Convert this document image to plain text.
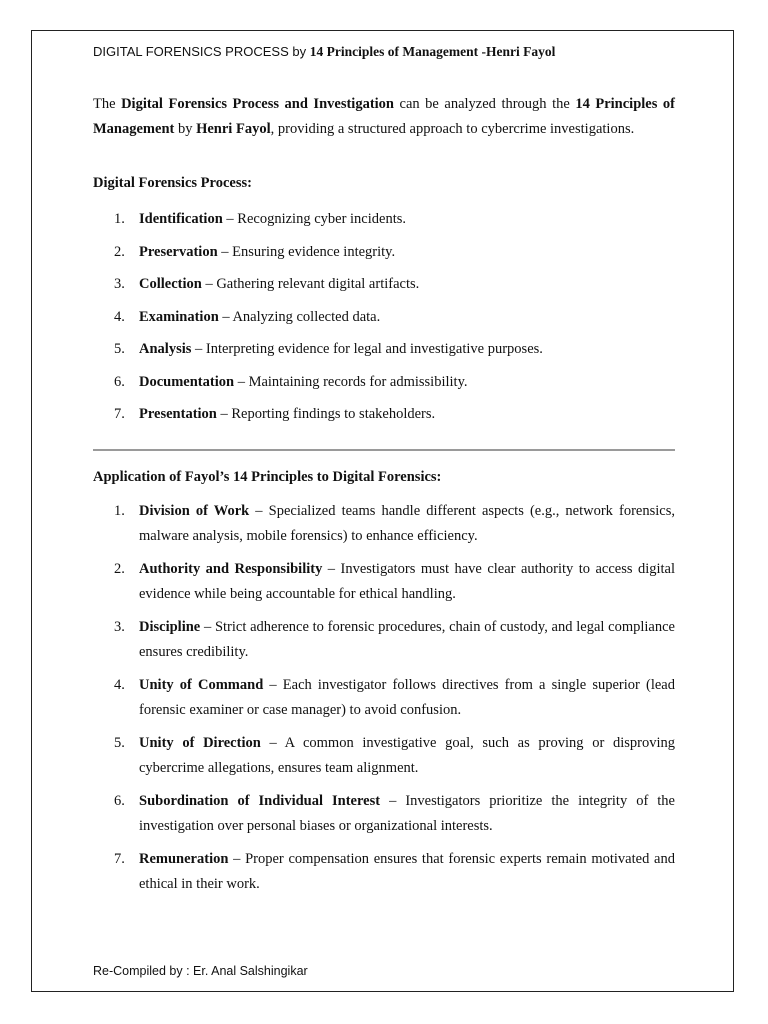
DIGITAL FORENSICS PROCESS by 14 Principles of Management -Henri Fayol

The Digital Forensics Process and Investigation can be analyzed through the 14 Principles of Management by Henri Fayol, providing a structured approach to cybercrime investigations.

Digital Forensics Process:
1. Identification – Recognizing cyber incidents.
2. Preservation – Ensuring evidence integrity.
3. Collection – Gathering relevant digital artifacts.
4. Examination – Analyzing collected data.
5. Analysis – Interpreting evidence for legal and investigative purposes.
6. Documentation – Maintaining records for admissibility.
7. Presentation – Reporting findings to stakeholders.
Application of Fayol’s 14 Principles to Digital Forensics:
1. Division of Work – Specialized teams handle different aspects (e.g., network forensics, malware analysis, mobile forensics) to enhance efficiency.
2. Authority and Responsibility – Investigators must have clear authority to access digital evidence while being accountable for ethical handling.
3. Discipline – Strict adherence to forensic procedures, chain of custody, and legal compliance ensures credibility.
4. Unity of Command – Each investigator follows directives from a single superior (lead forensic examiner or case manager) to avoid confusion.
5. Unity of Direction – A common investigative goal, such as proving or disproving cybercrime allegations, ensures team alignment.
6. Subordination of Individual Interest – Investigators prioritize the integrity of the investigation over personal biases or organizational interests.
7. Remuneration – Proper compensation ensures that forensic experts remain motivated and ethical in their work.
Re-Compiled by : Er. Anal Salshingikar
